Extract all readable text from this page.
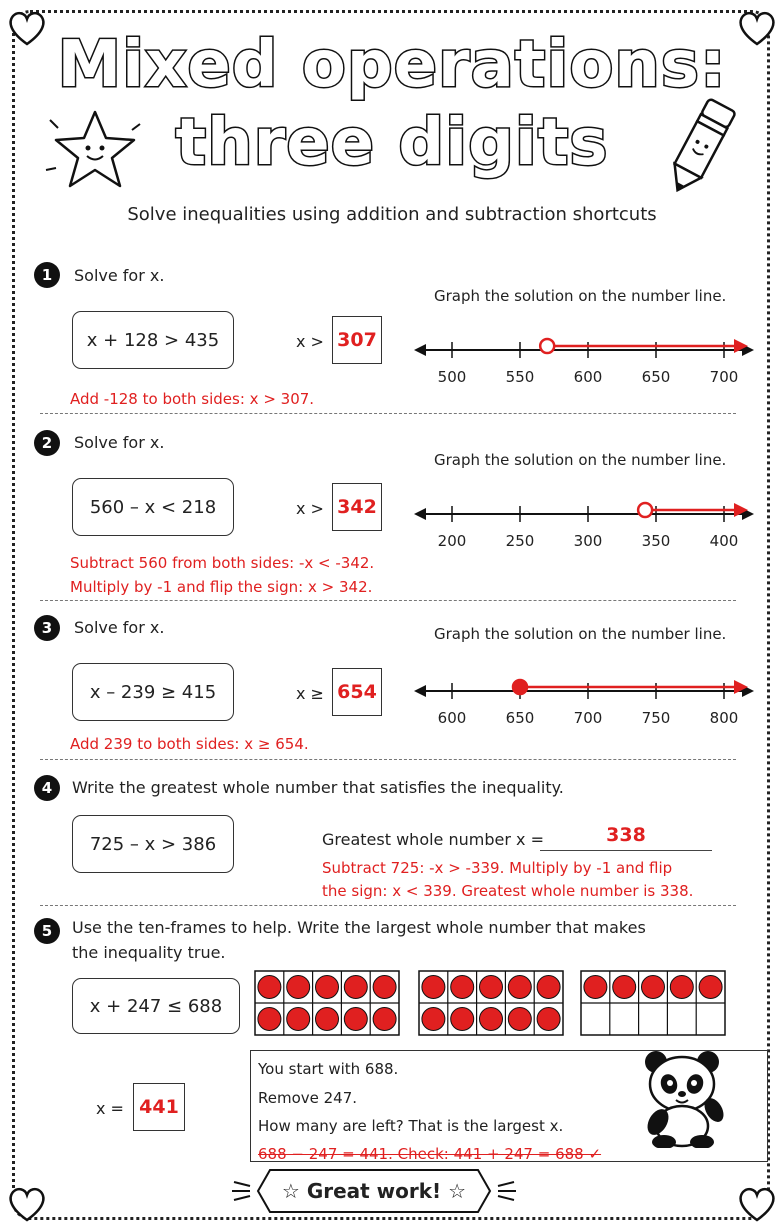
Mixed operations:
three digits
Solve inequalities using addition and subtraction shortcuts
1	Solve for x.
Graph the solution on the number line.
x + 128 > 435	x > 307
500	550	600	650	700
Add -128 to both sides: x > 307.
2	Solve for x.
Graph the solution on the number line.
560 – x < 218	x > 342
200	250	300	350	400
Subtract 560 from both sides: -x < -342.
Multiply by -1 and flip the sign: x > 342.
3	Solve for x.	Graph the solution on the number line.
x – 239 ≥ 415	x ≥ 654
600	650	700	750	800
Add 239 to both sides: x ≥ 654.
4	Write the greatest whole number that satisfies the inequality.
725 – x > 386	Greatest whole number x =	338
Subtract 725: -x > -339. Multiply by -1 and flip
the sign: x < 339. Greatest whole number is 338.
5	Use the ten-frames to help. Write the largest whole number that makes
the inequality true.
x + 247 ≤ 688
x = 441
You start with 688.
Remove 247.
How many are left? That is the largest x.
688 − 247 = 441. Check: 441 + 247 = 688 ✓
☆ Great work! ☆
